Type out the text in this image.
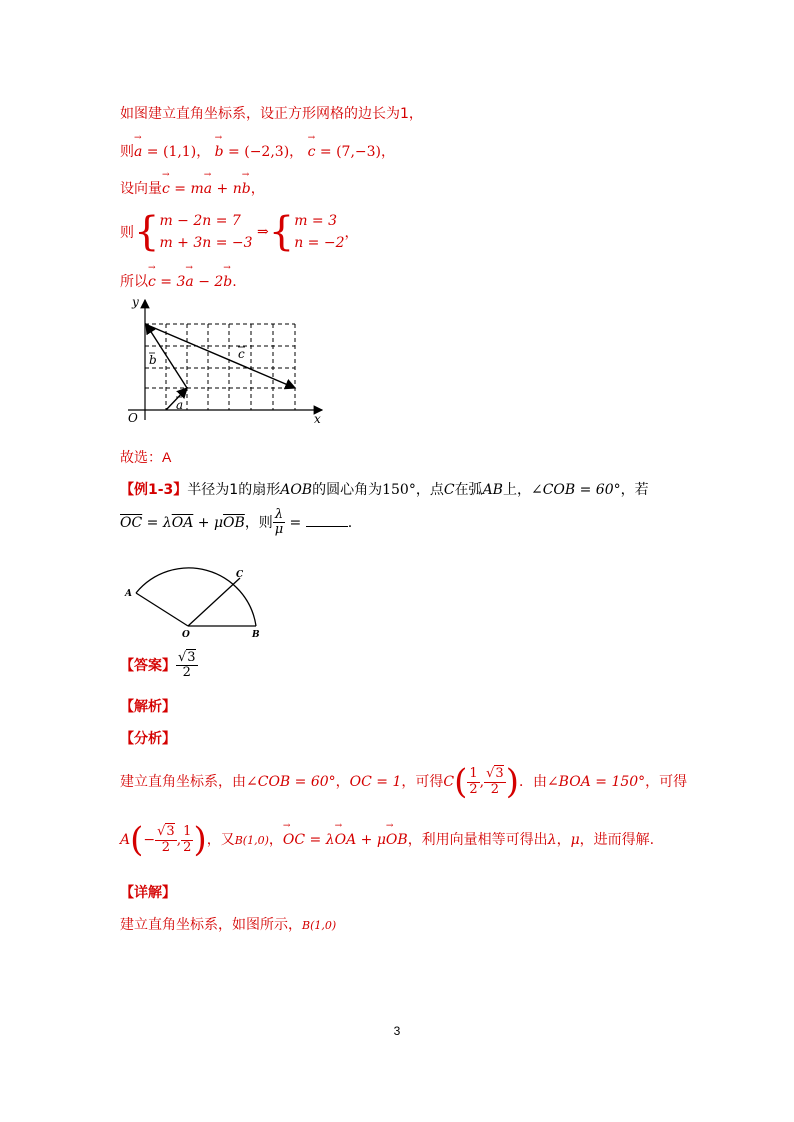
如图建立直角坐标系，设正方形网格的边长为1，
则→ a = (1,1)， → b = (−2,3)， → c = (7,−3)，
设向量→ c = m→ a + n→ b，
则{ m − 2n = 7
m + 3n = −3
⇒{ m = 3
n = −2
，
所以→ c = 3→ a − 2→ b.
y
x
O
a
b	c
故选：A
【例1-3】半径为1的扇形AOB的圆心角为150°，点C在弧AB上，∠COB = 60°，若
$\overline{OC} = \lambda\overline{OA} + \mu\overline{OB}$，则 $\frac{\lambda}{\mu}$ =	.
A
C
O	B
【答案】 $\frac{√3}{2}$
【解析】
【分析】
建立直角坐标系，由∠COB = 60°，OC = 1，可得$C( \frac{1}{2}$ , $\frac{√3}{2}$ )．由∠BOA = 150°，可得
$A(- \frac{√3}{2}$ , $\frac{1}{2}$ )，又B(1,0)，→ OC = λ→ OA + μ→ OB，利用向量相等可得出λ，μ，进而得解.
【详解】
建立直角坐标系，如图所示，B(1,0)
3
